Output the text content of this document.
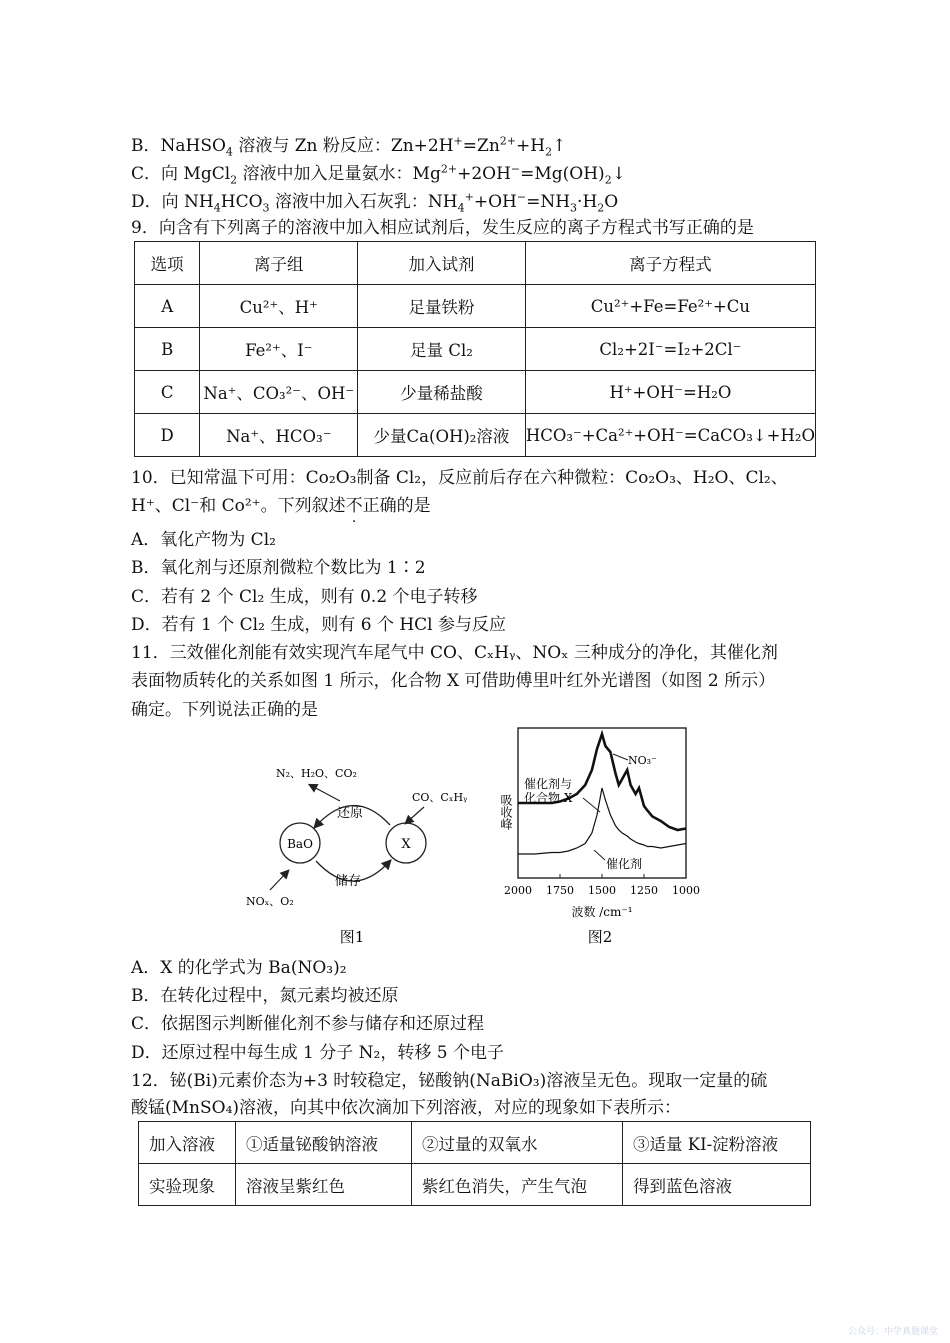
B．NaHSO$_4$ 溶液与 Zn 粉反应：$Zn+2H^+=Zn^{2+}+H_2↑$
C．向 MgCl$_2$ 溶液中加入足量氨水：$Mg^{2+}+2OH^-=Mg(OH)_2↓$
D．向 $NH_4HCO_3$ 溶液中加入石灰乳：$NH_4^++OH^-=NH_3\cdot H_2O$
9．向含有下列离子的溶液中加入相应试剂后，发生反应的离子方程式书写正确的是
选项	离子组	加入试剂	离子方程式
A	Cu²⁺、H⁺	足量铁粉	Cu²⁺+Fe=Fe²⁺+Cu
B	Fe²⁺、I⁻	足量 Cl₂	Cl₂+2I⁻=I₂+2Cl⁻
C	Na⁺、CO₃²⁻、OH⁻	少量稀盐酸	H⁺+OH⁻=H₂O
D	Na⁺、HCO₃⁻	少量Ca(OH)₂溶液	HCO₃⁻+Ca²⁺+OH⁻=CaCO₃↓+H₂O
10．已知常温下可用：Co₂O₃制备 Cl₂，反应前后存在六种微粒：Co₂O₃、H₂O、Cl₂、
H⁺、Cl⁻和 Co²⁺。下列叙述不正确的是
A．氧化产物为 Cl₂
B．氧化剂与还原剂微粒个数比为 1∶2
C．若有 2 个 Cl₂ 生成，则有 0.2 个电子转移
D．若有 1 个 Cl₂ 生成，则有 6 个 HCl 参与反应
11．三效催化剂能有效实现汽车尾气中 CO、CₓHᵧ、NOₓ 三种成分的净化，其催化剂
表面物质转化的关系如图 1 所示，化合物 X 可借助傅里叶红外光谱图（如图 2 所示）
确定。下列说法正确的是
BaO	X
N₂、H₂O、CO₂
还原
CO、CₓHᵧ
储存
NOₓ、O₂
图1
吸收峰
2000 1750 1500 1250 1000
催化剂与
化合物 X
催化剂
NO₃⁻
波数 /cm⁻¹
图2
A．X 的化学式为 Ba(NO₃)₂
B．在转化过程中，氮元素均被还原
C．依据图示判断催化剂不参与储存和还原过程
D．还原过程中每生成 1 分子 N₂，转移 5 个电子
12．铋(Bi)元素价态为+3 时较稳定，铋酸钠(NaBiO₃)溶液呈无色。现取一定量的硫
酸锰(MnSO₄)溶液，向其中依次滴加下列溶液，对应的现象如下表所示：
加入溶液	①适量铋酸钠溶液	②过量的双氧水	③适量 KI-淀粉溶液
实验现象	溶液呈紫红色	紫红色消失，产生气泡	得到蓝色溶液
公众号：中学真题课堂
